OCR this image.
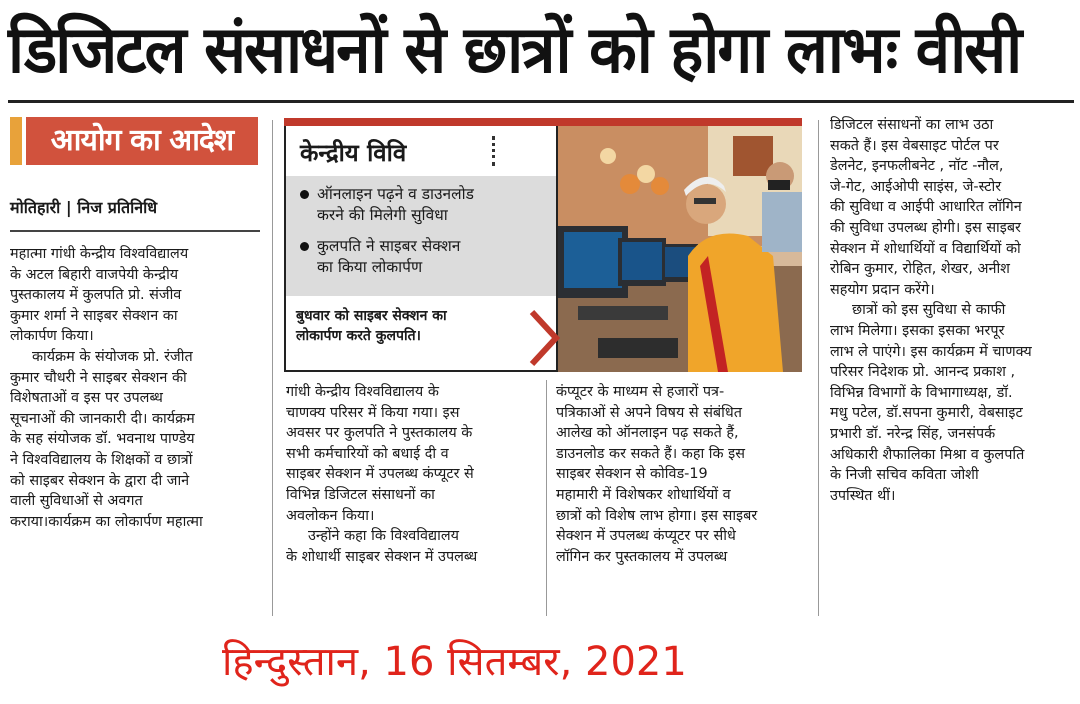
डिजिटल संसाधनों से छात्रों को होगा लाभः वीसी
आयोग का आदेश
मोतिहारी | निज प्रतिनिधि

महात्मा गांधी केन्द्रीय विश्वविद्यालय

के अटल बिहारी वाजपेयी केन्द्रीय

पुस्तकालय में कुलपति प्रो. संजीव

कुमार शर्मा ने साइबर सेक्शन का

लोकार्पण किया।

कार्यक्रम के संयोजक प्रो. रंजीत

कुमार चौधरी ने साइबर सेक्शन की

विशेषताओं व इस पर उपलब्ध

सूचनाओं की जानकारी दी। कार्यक्रम

के सह संयोजक डॉ. भवनाथ पाण्डेय

ने विश्वविद्यालय के शिक्षकों व छात्रों

को साइबर सेक्शन के द्वारा दी जाने

वाली सुविधाओं से अवगत

कराया।कार्यक्रम का लोकार्पण महात्मा

केन्द्रीय विवि
ऑनलाइन पढ़ने व डाउनलोड
करने की मिलेगी सुविधा
कुलपति ने साइबर सेक्शन
का किया लोकार्पण
बुधवार को साइबर सेक्शन का
लोकार्पण करते कुलपति।

गांधी केन्द्रीय विश्वविद्यालय के

चाणक्य परिसर में किया गया। इस

अवसर पर कुलपति ने पुस्तकालय के

सभी कर्मचारियों को बधाई दी व

साइबर सेक्शन में उपलब्ध कंप्यूटर से

विभिन्न डिजिटल संसाधनों का

अवलोकन किया।

उन्होंने कहा कि विश्वविद्यालय

के शोधार्थी साइबर सेक्शन में उपलब्ध

कंप्यूटर के माध्यम से हजारों पत्र-

पत्रिकाओं से अपने विषय से संबंधित

आलेख को ऑनलाइन पढ़ सकते हैं,

डाउनलोड कर सकते हैं। कहा कि इस

साइबर सेक्शन से कोविड-19

महामारी में विशेषकर शोधार्थियों व

छात्रों को विशेष लाभ होगा। इस साइबर

सेक्शन में उपलब्ध कंप्यूटर पर सीधे

लॉगिन कर पुस्तकालय में उपलब्ध

डिजिटल संसाधनों का लाभ उठा

सकते हैं। इस वेबसाइट पोर्टल पर

डेलनेट, इनफलीबनेट , नॉट -नौल,

जे-गेट, आईओपी साइंस, जे-स्टोर

की सुविधा व आईपी आधारित लॉगिन

की सुविधा उपलब्ध होगी। इस साइबर

सेक्शन में शोधार्थियों व विद्यार्थियों को

रोबिन कुमार, रोहित, शेखर, अनीश

सहयोग प्रदान करेंगे।

छात्रों को इस सुविधा से काफी

लाभ मिलेगा। इसका इसका भरपूर

लाभ ले पाएंगे। इस कार्यक्रम में चाणक्य

परिसर निदेशक प्रो. आनन्द प्रकाश ,

विभिन्न विभागों के विभागाध्यक्ष, डॉ.

मधु पटेल, डॉ.सपना कुमारी, वेबसाइट

प्रभारी डॉ. नरेन्द्र सिंह, जनसंपर्क

अधिकारी शैफालिका मिश्रा व कुलपति

के निजी सचिव कविता जोशी

उपस्थित थीं।

हिन्दुस्तान, 16 सितम्बर, 2021
